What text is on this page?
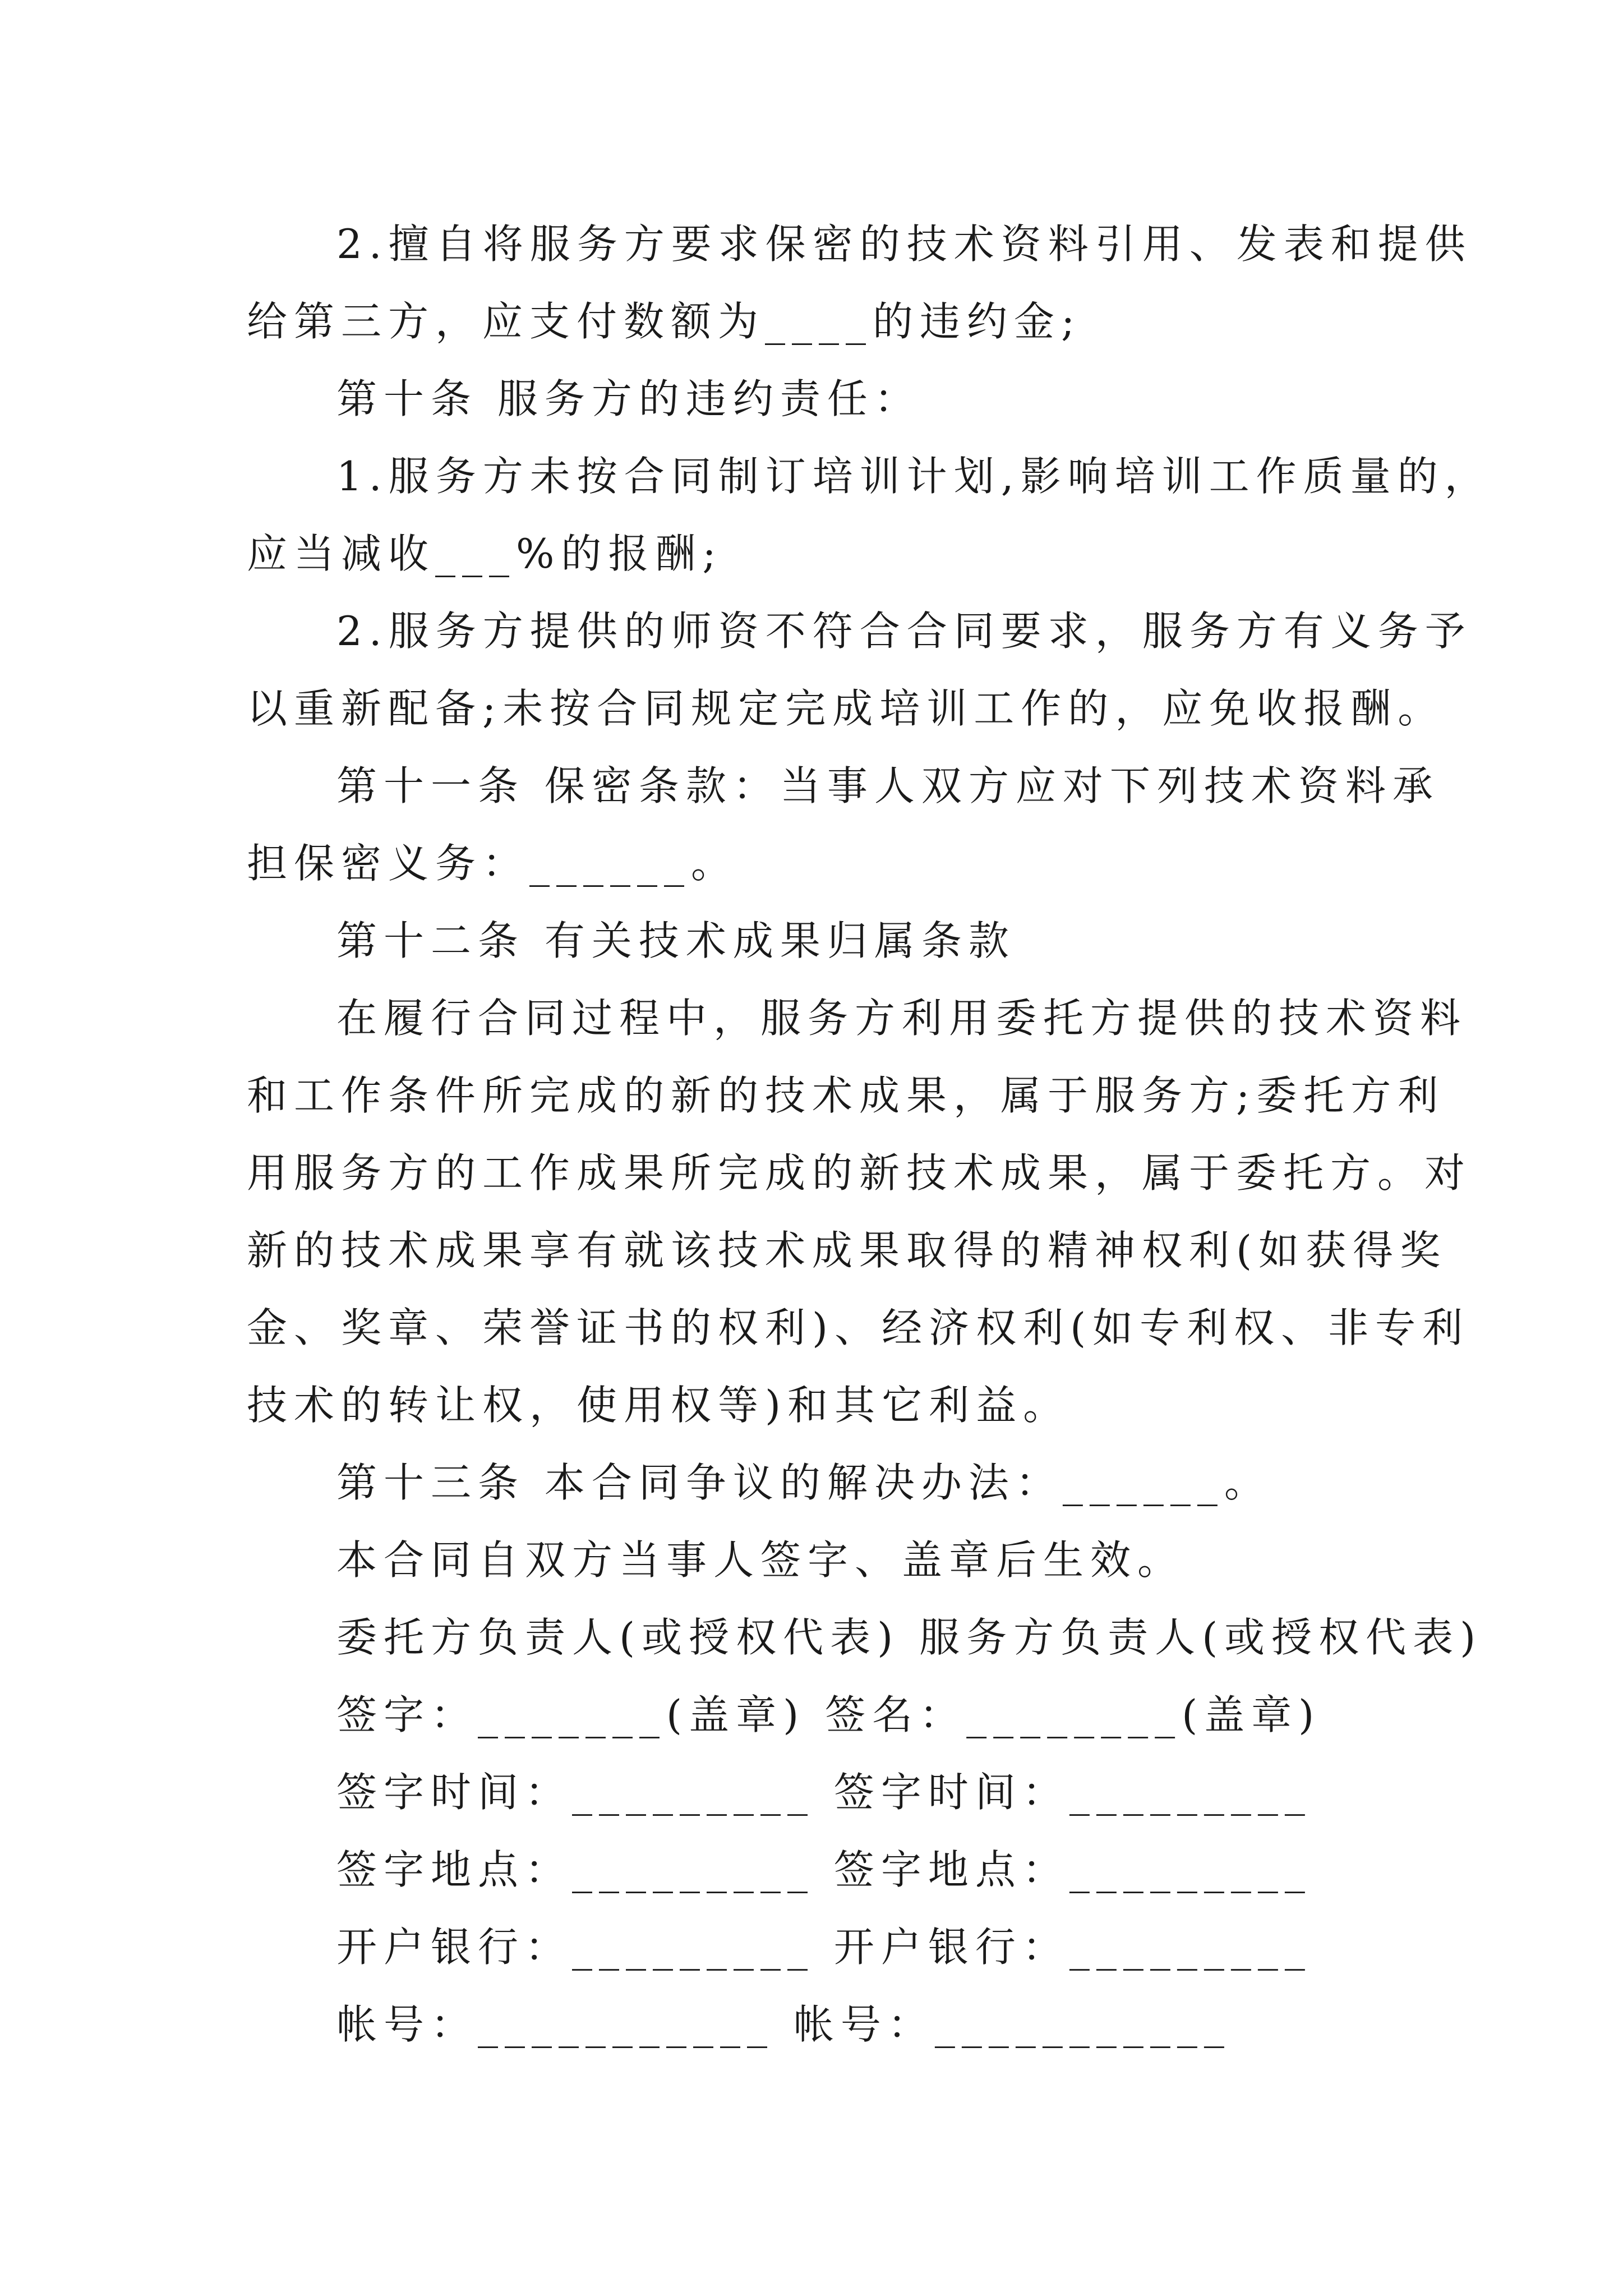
2.擅自将服务方要求保密的技术资料引用、发表和提供
给第三方，应支付数额为____的违约金;
第十条 服务方的违约责任：
1.服务方未按合同制订培训计划,影响培训工作质量的，
应当减收___%的报酬;
2.服务方提供的师资不符合合同要求，服务方有义务予
以重新配备;未按合同规定完成培训工作的，应免收报酬。
第十一条 保密条款：当事人双方应对下列技术资料承
担保密义务：______。
第十二条 有关技术成果归属条款
在履行合同过程中，服务方利用委托方提供的技术资料
和工作条件所完成的新的技术成果，属于服务方;委托方利
用服务方的工作成果所完成的新技术成果，属于委托方。对
新的技术成果享有就该技术成果取得的精神权利(如获得奖
金、奖章、荣誉证书的权利)、经济权利(如专利权、非专利
技术的转让权，使用权等)和其它利益。
第十三条 本合同争议的解决办法：______。
本合同自双方当事人签字、盖章后生效。
委托方负责人(或授权代表) 服务方负责人(或授权代表)
签字：_______(盖章) 签名：________(盖章)
签字时间：_________ 签字时间：_________
签字地点：_________ 签字地点：_________
开户银行：_________ 开户银行：_________
帐号：___________ 帐号：___________
